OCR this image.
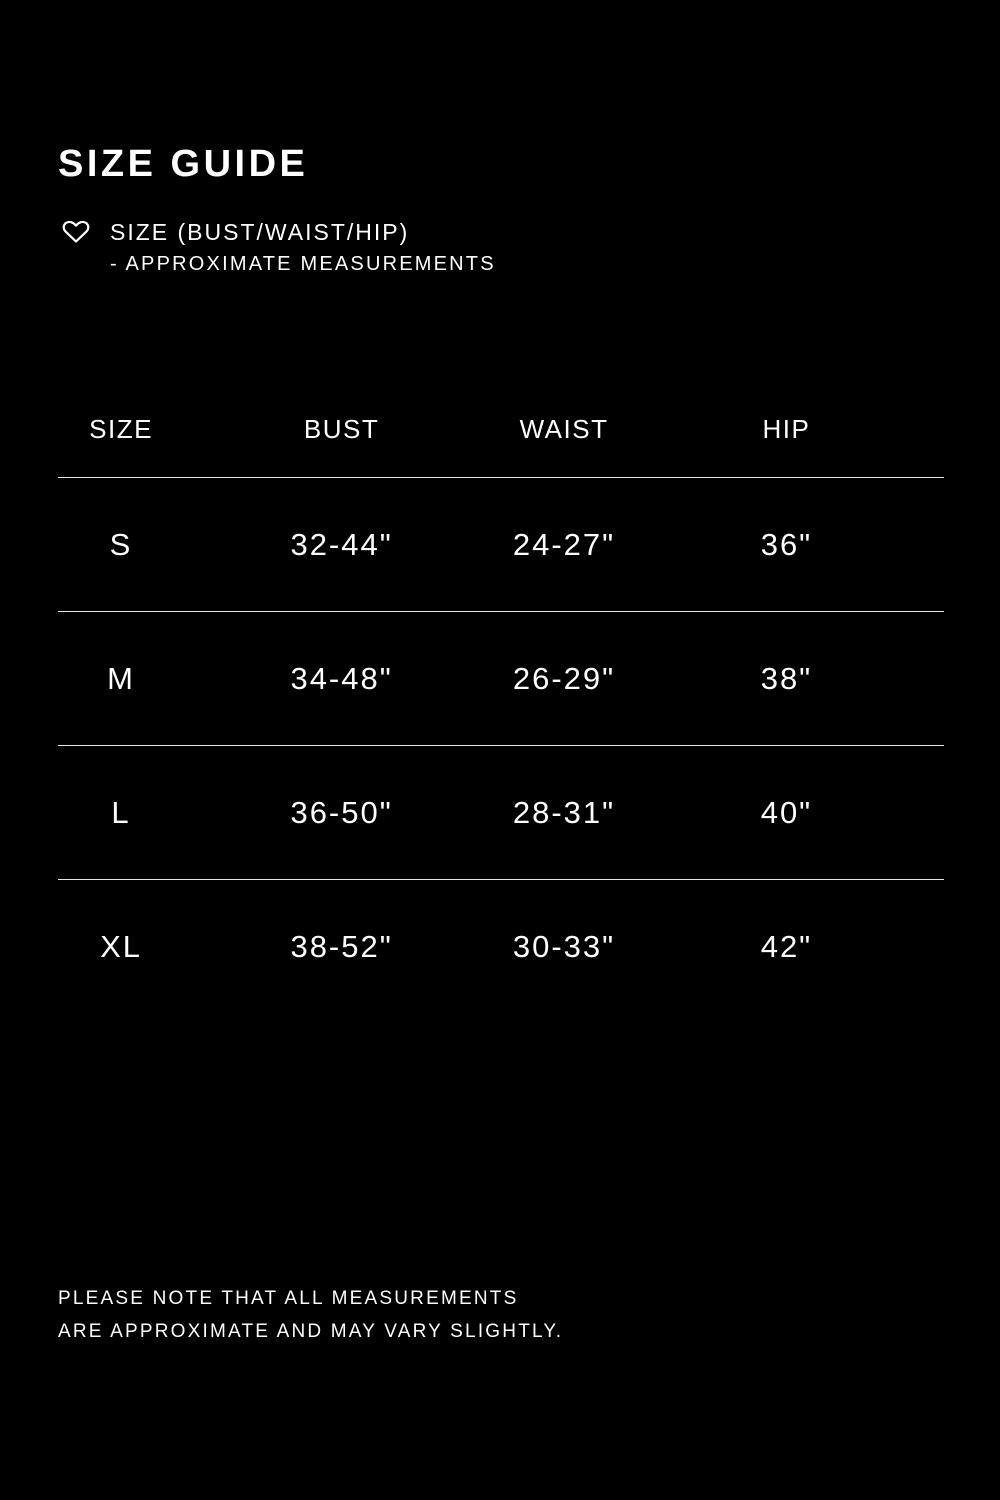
SIZE GUIDE
SIZE (BUST/WAIST/HIP)
- APPROXIMATE MEASUREMENTS
SIZE	BUST	WAIST	HIP
S	32-44"	24-27"	36"
M	34-48"	26-29"	38"
L	36-50"	28-31"	40"
XL	38-52"	30-33"	42"
PLEASE NOTE THAT ALL MEASUREMENTS
ARE APPROXIMATE AND MAY VARY SLIGHTLY.
